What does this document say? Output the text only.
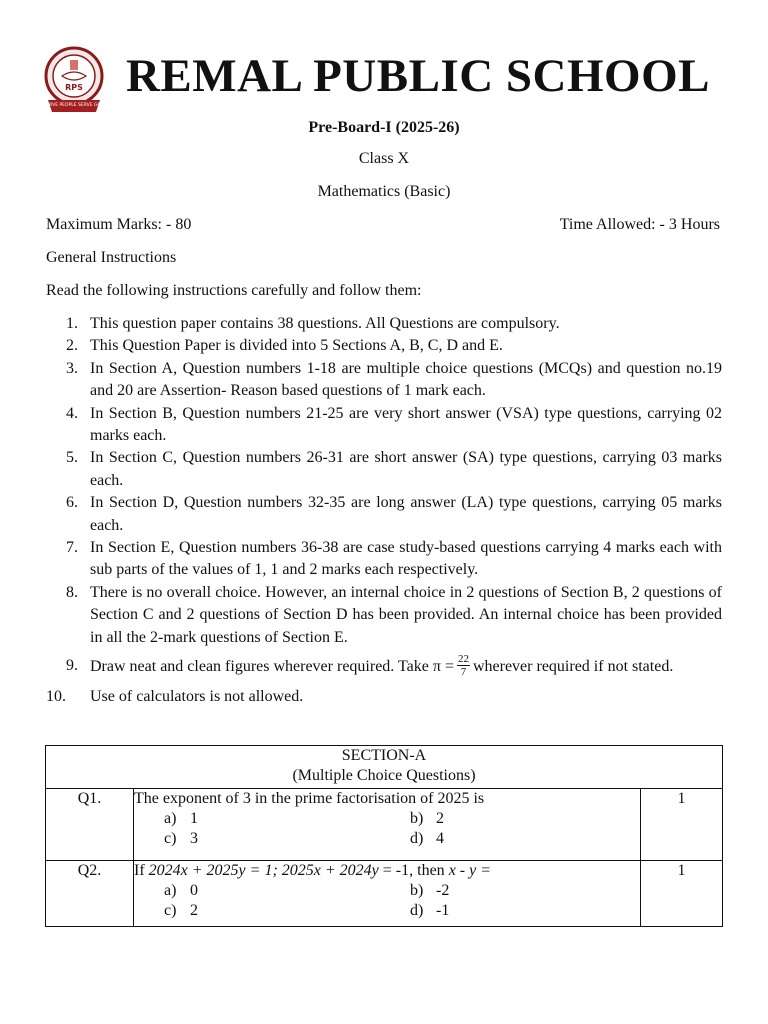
RPS
SERVE PEOPLE SERVE GOD
REMAL PUBLIC SCHOOL
Pre-Board-I (2025-26)
Class X
Mathematics (Basic)
Maximum Marks: - 80	Time Allowed: - 3 Hours
General Instructions
Read the following instructions carefully and follow them:
1. This question paper contains 38 questions. All Questions are compulsory.
2. This Question Paper is divided into 5 Sections A, B, C, D and E.
3. In Section A, Question numbers 1-18 are multiple choice questions (MCQs) and question no.19 and 20 are Assertion- Reason based questions of 1 mark each.
4. In Section B, Question numbers 21-25 are very short answer (VSA) type questions, carrying 02 marks each.
5. In Section C, Question numbers 26-31 are short answer (SA) type questions, carrying 03 marks each.
6. In Section D, Question numbers 32-35 are long answer (LA) type questions, carrying 05 marks each.
7. In Section E, Question numbers 36-38 are case study-based questions carrying 4 marks each with sub parts of the values of 1, 1 and 2 marks each respectively.
8. There is no overall choice. However, an internal choice in 2 questions of Section B, 2 questions of Section C and 2 questions of Section D has been provided. An internal choice has been provided in all the 2-mark questions of Section E.
9. Draw neat and clean figures wherever required. Take $\pi = \frac{22}{7}$ wherever required if not stated.
10. Use of calculators is not allowed.
SECTION-A
(Multiple Choice Questions)		

Q1.	The exponent of 3 in the prime factorisation of 2025 is
a) 1 b) 2
c) 3 d) 4	1
Q2.	If 2024x + 2025y = 1; 2025x + 2024y = -1, then x - y =
a) 0 b) -2
c) 2 d) -1	1
